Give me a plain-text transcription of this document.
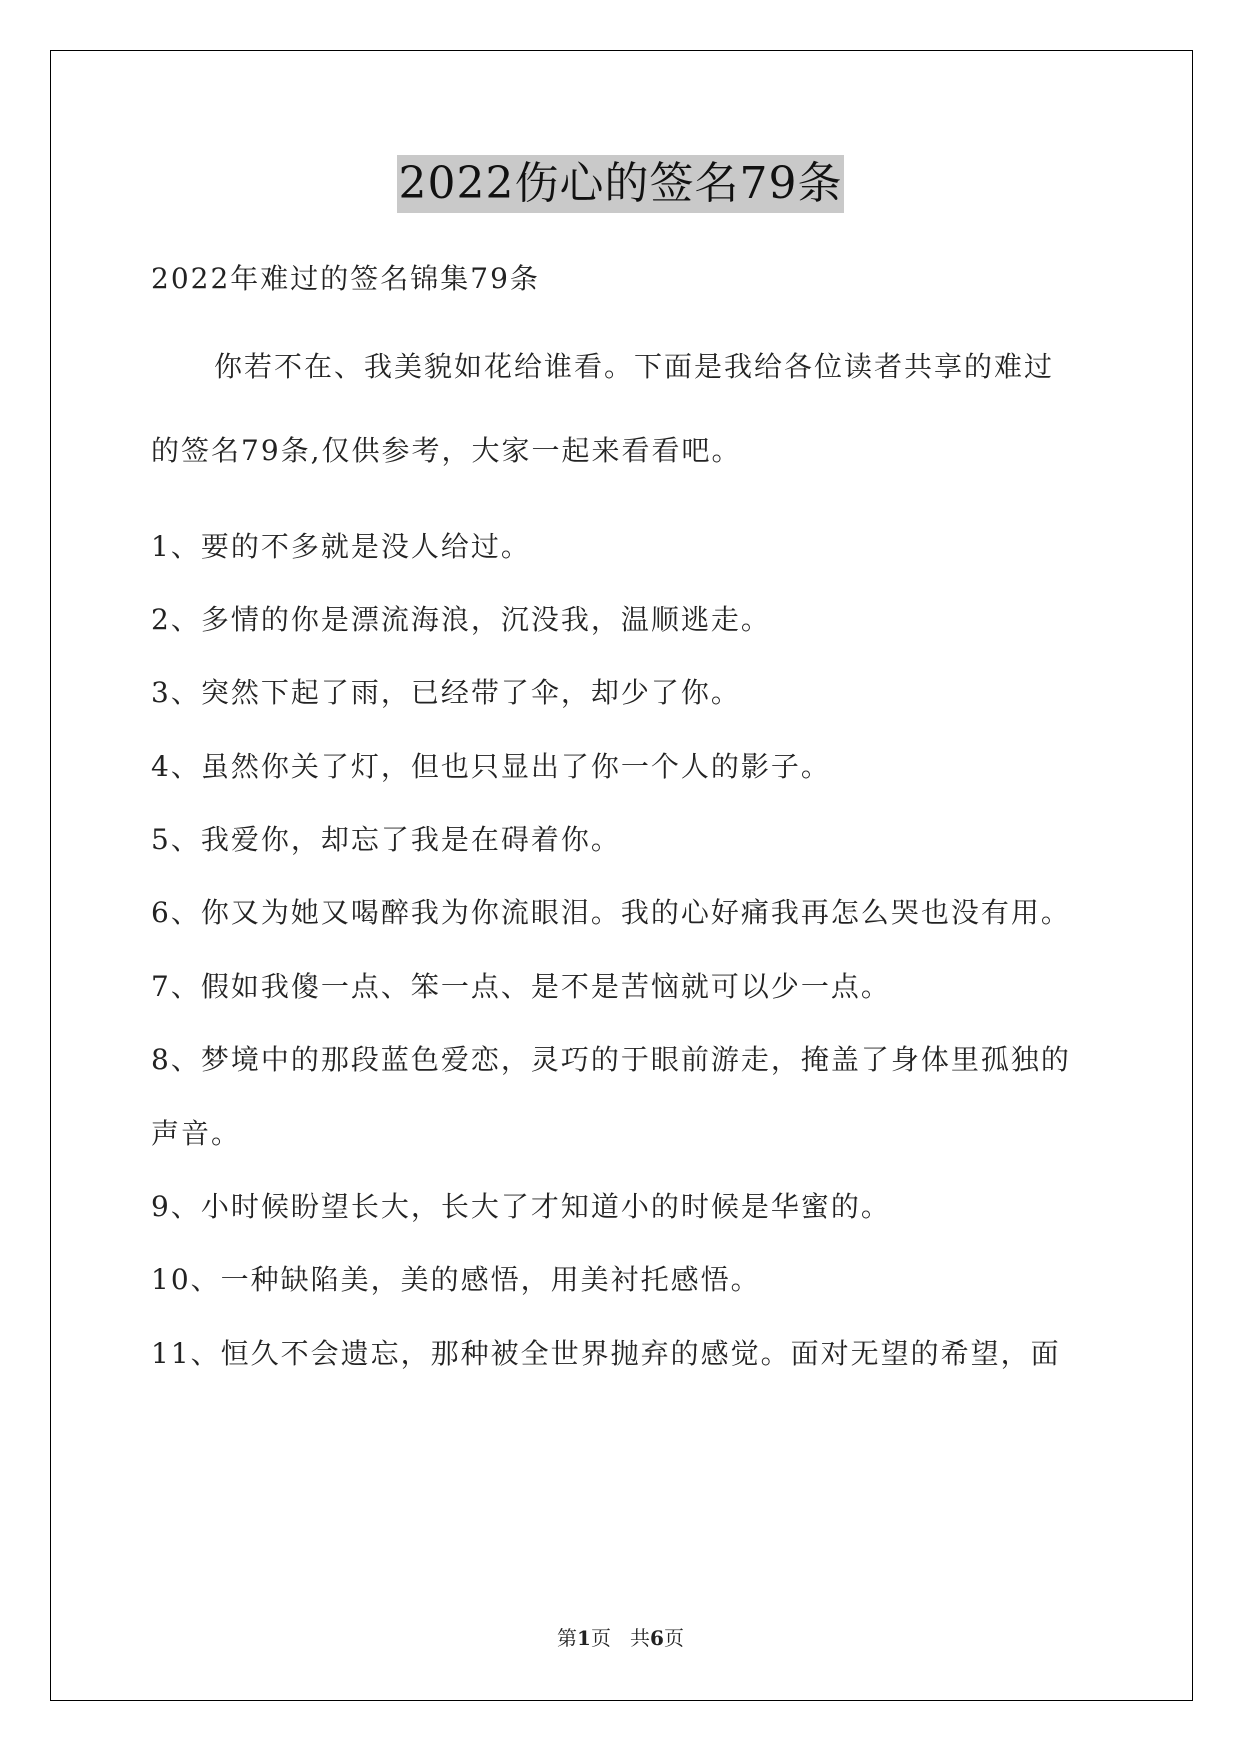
2022伤心的签名79条
2022年难过的签名锦集79条
你若不在、我美貌如花给谁看。下面是我给各位读者共享的难过
的签名79条,仅供参考，大家一起来看看吧。
1、要的不多就是没人给过。
2、多情的你是漂流海浪，沉没我，温顺逃走。
3、突然下起了雨，已经带了伞，却少了你。
4、虽然你关了灯，但也只显出了你一个人的影子。
5、我爱你，却忘了我是在碍着你。
6、你又为她又喝醉我为你流眼泪。我的心好痛我再怎么哭也没有用。
7、假如我傻一点、笨一点、是不是苦恼就可以少一点。
8、梦境中的那段蓝色爱恋，灵巧的于眼前游走，掩盖了身体里孤独的
声音。
9、小时候盼望长大，长大了才知道小的时候是华蜜的。
10、一种缺陷美，美的感悟，用美衬托感悟。
11、恒久不会遗忘，那种被全世界抛弃的感觉。面对无望的希望，面
第1页   共6页
